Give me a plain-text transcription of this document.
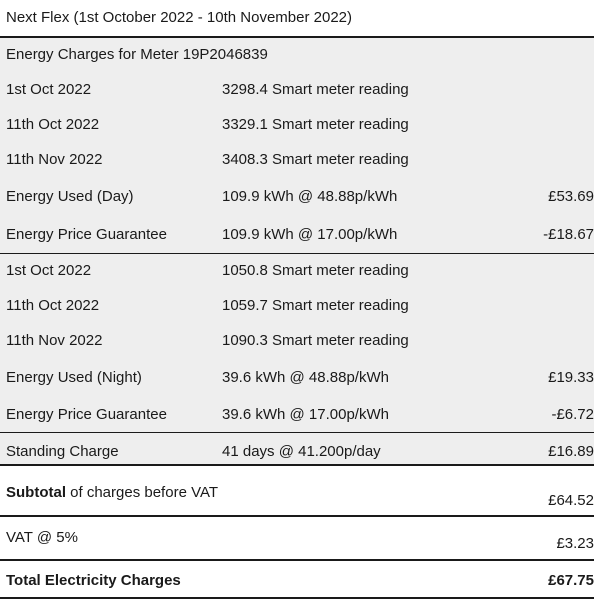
Next Flex (1st October 2022 - 10th November 2022)
Energy Charges for Meter 19P2046839
1st Oct 2022	3298.4 Smart meter reading
11th Oct 2022	3329.1 Smart meter reading
11th Nov 2022	3408.3 Smart meter reading
Energy Used (Day)	109.9 kWh @ 48.88p/kWh	£53.69
Energy Price Guarantee	109.9 kWh @ 17.00p/kWh	-£18.67
1st Oct 2022	1050.8 Smart meter reading
11th Oct 2022	1059.7 Smart meter reading
11th Nov 2022	1090.3 Smart meter reading
Energy Used (Night)	39.6 kWh @ 48.88p/kWh	£19.33
Energy Price Guarantee	39.6 kWh @ 17.00p/kWh	-£6.72
Standing Charge	41 days @ 41.200p/day	£16.89
Subtotal of charges before VAT	£64.52
VAT @ 5%	£3.23
Total Electricity Charges	£67.75
